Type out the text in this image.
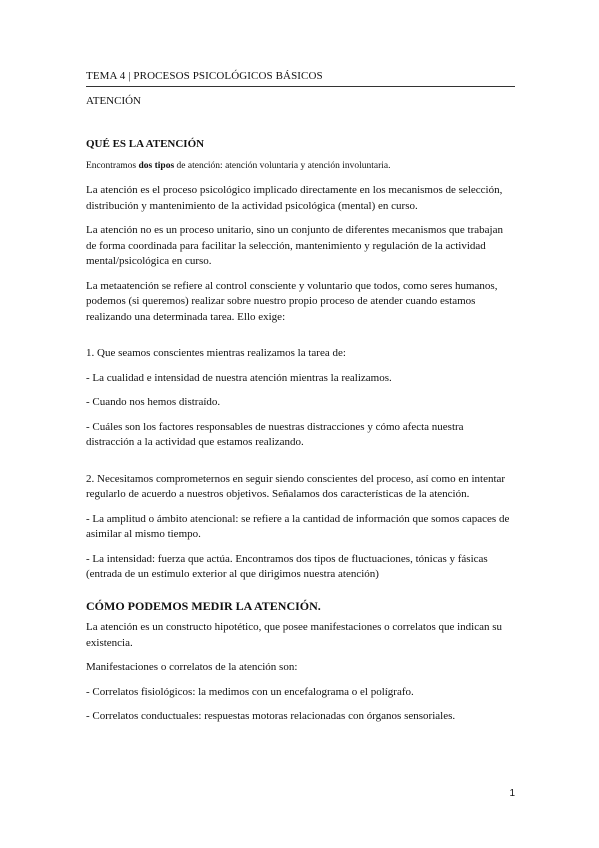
TEMA 4 | PROCESOS PSICOLÓGICOS BÁSICOS
ATENCIÓN
QUÉ ES LA ATENCIÓN

Encontramos dos tipos de atención: atención voluntaria y atención involuntaria.

La atención es el proceso psicológico implicado directamente en los mecanismos de selección, distribución y mantenimiento de la actividad psicológica (mental) en curso.

La atención no es un proceso unitario, sino un conjunto de diferentes mecanismos que trabajan de forma coordinada para facilitar la selección, mantenimiento y regulación de la actividad mental/psicológica en curso.

La metaatención se refiere al control consciente y voluntario que todos, como seres humanos, podemos (si queremos) realizar sobre nuestro propio proceso de atender cuando estamos realizando una determinada tarea. Ello exige:

1. Que seamos conscientes mientras realizamos la tarea de:

- La cualidad e intensidad de nuestra atención mientras la realizamos.

- Cuando nos hemos distraído.

- Cuáles son los factores responsables de nuestras distracciones y cómo afecta nuestra distracción a la actividad que estamos realizando.

2. Necesitamos comprometernos en seguir siendo conscientes del proceso, así como en intentar regularlo de acuerdo a nuestros objetivos. Señalamos dos características de la atención.

- La amplitud o ámbito atencional: se refiere a la cantidad de información que somos capaces de asimilar al mismo tiempo.

- La intensidad: fuerza que actúa. Encontramos dos tipos de fluctuaciones, tónicas y fásicas (entrada de un estímulo exterior al que dirigimos nuestra atención)

CÓMO PODEMOS MEDIR LA ATENCIÓN.

La atención es un constructo hipotético, que posee manifestaciones o correlatos que indican su existencia.

Manifestaciones o correlatos de la atención son:

- Correlatos fisiológicos: la medimos con un encefalograma o el polígrafo.

- Correlatos conductuales: respuestas motoras relacionadas con órganos sensoriales.

1
